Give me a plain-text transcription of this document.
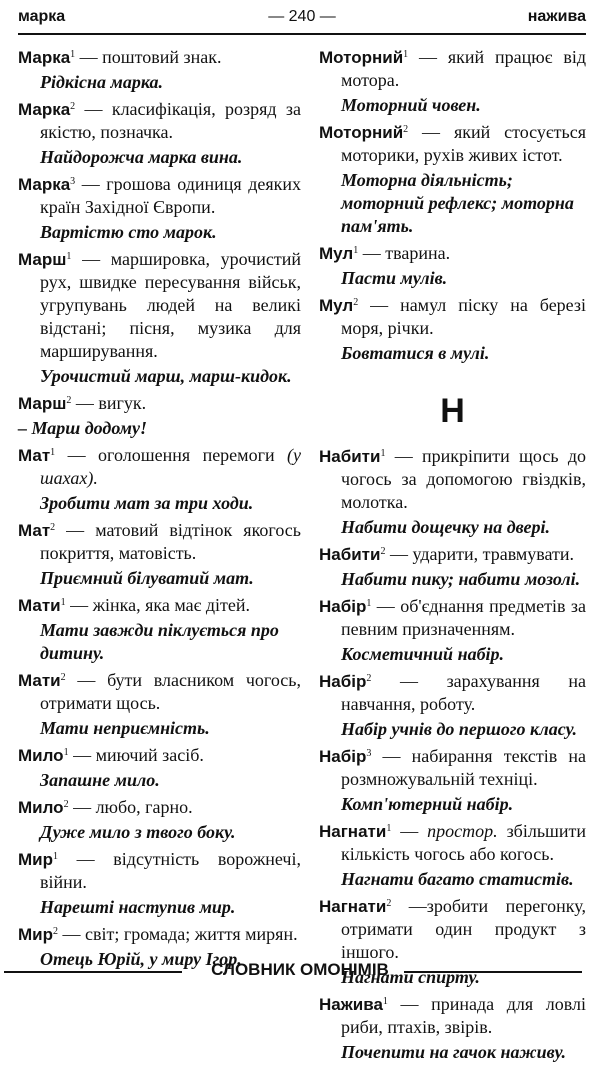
марка	— 240 —	нажива
Марка$^1$ — поштовий знак.
Рідкісна марка.
Марка$^2$ — класифікація, розряд за якістю, позначка.
Найдорожча марка вина.
Марка$^3$ — грошова одиниця деяких країн Західної Європи.
Вартістю сто марок.
Марш$^1$ — маршировка, урочистий рух, швидке пересування військ, угрупувань людей на великі відстані; пісня, музика для марширування.
Урочистий марш, марш-кидок.
Марш$^2$ — вигук.
– Марш додому!
Мат$^1$ — оголошення перемоги (у шахах).
Зробити мат за три ходи.
Мат$^2$ — матовий відтінок якогось покриття, матовість.
Приємний білуватий мат.
Мати$^1$ — жінка, яка має дітей.
Мати завжди піклується про дитину.
Мати$^2$ — бути власником чогось, отримати щось.
Мати неприємність.
Мило$^1$ — миючий засіб.
Запашне мило.
Мило$^2$ — любо, гарно.
Дуже мило з твого боку.
Мир$^1$ — відсутність ворожнечі, війни.
Нарешті наступив мир.
Мир$^2$ — світ; громада; життя мирян.
Отець Юрій, у миру Ігор.
Моторний$^1$ — який працює від мотора.
Моторний човен.
Моторний$^2$ — який стосується моторики, рухів живих істот.
Моторна діяльність; моторний рефлекс; моторна пам'ять.
Мул$^1$ — тварина.
Пасти мулів.
Мул$^2$ — намул піску на березі моря, річки.
Бовтатися в мулі.
Н
Набити$^1$ — прикріпити щось до чогось за допомогою гвіздків, молотка.
Набити дощечку на двері.
Набити$^2$ — ударити, травмувати.
Набити пику; набити мозолі.
Набір$^1$ — об'єднання предметів за певним призначенням.
Косметичний набір.
Набір$^2$ — зарахування на навчання, роботу.
Набір учнів до першого класу.
Набір$^3$ — набирання текстів на розмножувальній техніці.
Комп'ютерний набір.
Нагнати$^1$ — простор. збільшити кількість чогось або когось.
Нагнати багато статистів.
Нагнати$^2$ —зробити перегонку, отримати один продукт з іншого.
Нагнати спирту.
Нажива$^1$ — принада для ловлі риби, птахів, звірів.
Почепити на гачок наживу.
СЛОВНИК ОМОНІМІВ
